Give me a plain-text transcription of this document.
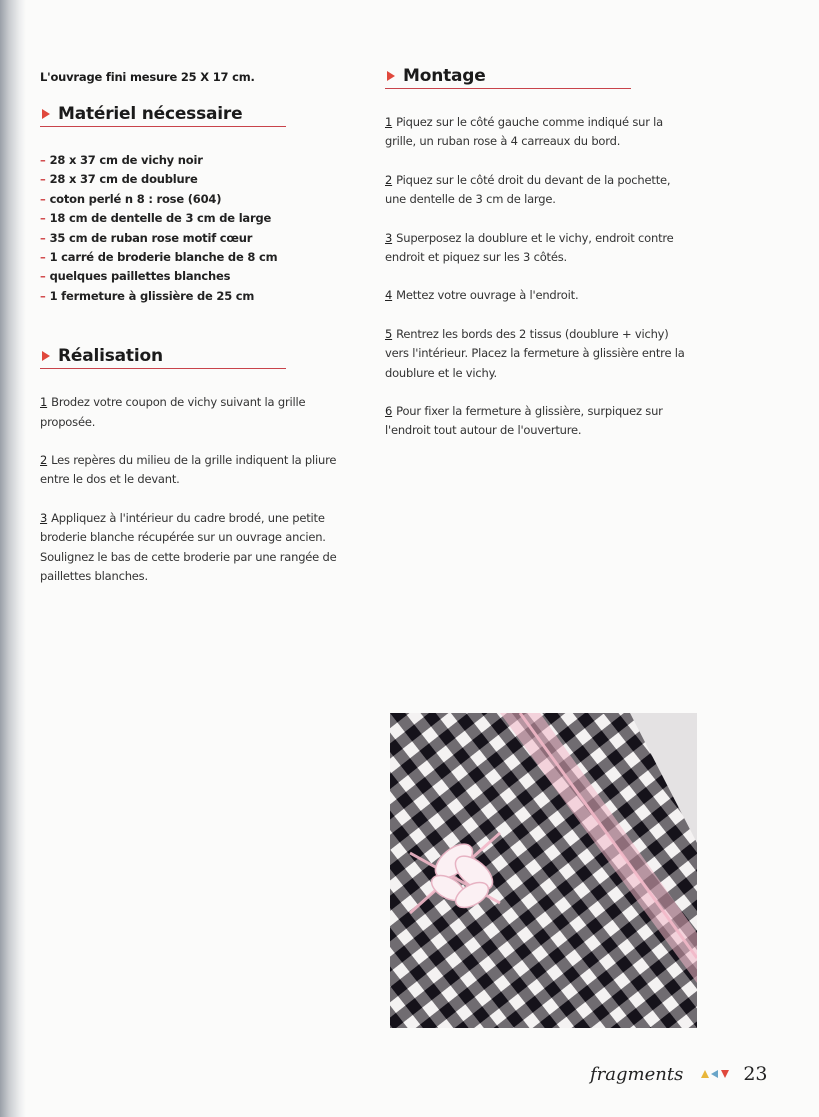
L'ouvrage fini mesure 25 X 17 cm.

Matériel nécessaire
– 28 x 37 cm de vichy noir
– 28 x 37 cm de doublure
– coton perlé n 8 : rose (604)
– 18 cm de dentelle de 3 cm de large
– 35 cm de ruban rose motif cœur
– 1 carré de broderie blanche de 8 cm
– quelques paillettes blanches
– 1 fermeture à glissière de 25 cm
Réalisation

1 Brodez votre coupon de vichy suivant la grille proposée.

2 Les repères du milieu de la grille indiquent la pliure entre le dos et le devant.

3 Appliquez à l'intérieur du cadre brodé, une petite broderie blanche récupérée sur un ouvrage ancien. Soulignez le bas de cette broderie par une rangée de paillettes blanches.

Montage

1 Piquez sur le côté gauche comme indiqué sur la grille, un ruban rose à 4 carreaux du bord.

2 Piquez sur le côté droit du devant de la pochette, une dentelle de 3 cm de large.

3 Superposez la doublure et le vichy, endroit contre endroit et piquez sur les 3 côtés.

4 Mettez votre ouvrage à l'endroit.

5 Rentrez les bords des 2 tissus (doublure + vichy) vers l'intérieur. Placez la fermeture à glissière entre la doublure et le vichy.

6 Pour fixer la fermeture à glissière, surpiquez sur l'endroit tout autour de l'ouverture.

fragments	23
